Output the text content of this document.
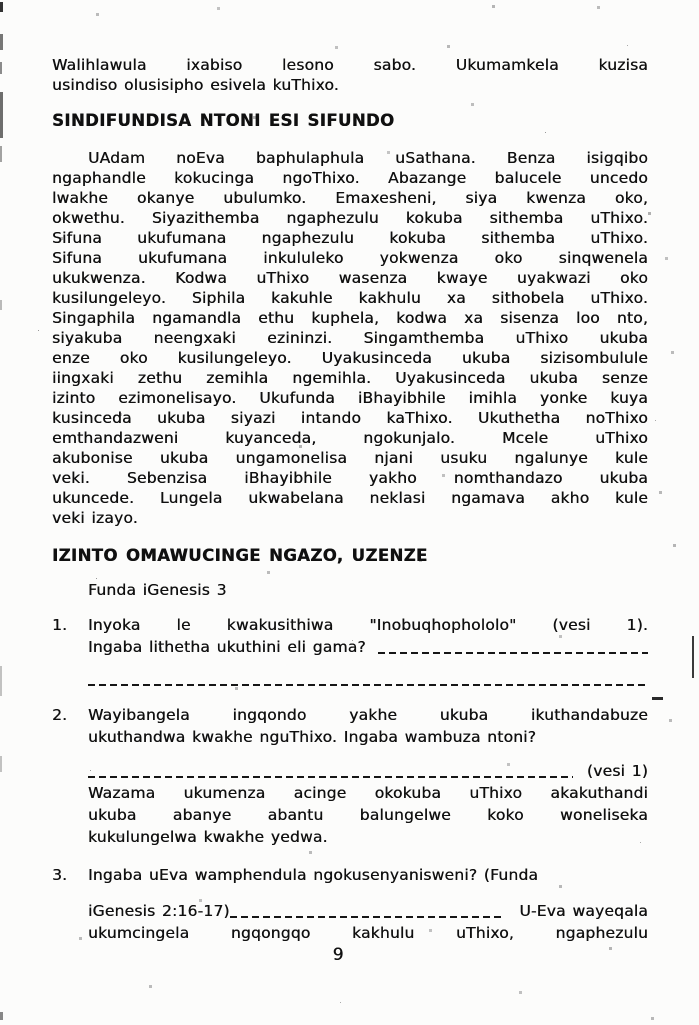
Walihlawula ixabiso lesono sabo. Ukumamkela kuzisa
usindiso olusisipho esivela kuThixo.
SINDIFUNDISA NTONI ESI SIFUNDO
UAdam noEva baphulaphula uSathana. Benza isigqibo
ngaphandle kokucinga ngoThixo. Abazange balucele uncedo
lwakhe okanye ubulumko. Emaxesheni, siya kwenza oko,
okwethu. Siyazithemba ngaphezulu kokuba sithemba uThixo.
Sifuna ukufumana ngaphezulu kokuba sithemba uThixo.
Sifuna ukufumana inkululeko yokwenza oko sinqwenela
ukukwenza. Kodwa uThixo wasenza kwaye uyakwazi oko
kusilungeleyo. Siphila kakuhle kakhulu xa sithobela uThixo.
Singaphila ngamandla ethu kuphela, kodwa xa sisenza loo nto,
siyakuba neengxaki ezininzi. Singamthemba uThixo ukuba
enze oko kusilungeleyo. Uyakusinceda ukuba sizisombulule
iingxaki zethu zemihla ngemihla. Uyakusinceda ukuba senze
izinto ezimonelisayo. Ukufunda iBhayibhile imihla yonke kuya
kusinceda ukuba siyazi intando kaThixo. Ukuthetha noThixo
emthandazweni kuyanceda, ngokunjalo. Mcele uThixo
akubonise ukuba ungamonelisa njani usuku ngalunye kule
veki. Sebenzisa iBhayibhile yakho nomthandazo ukuba
ukuncede. Lungela ukwabelana neklasi ngamava akho kule
veki izayo.
IZINTO OMAWUCINGE NGAZO, UZENZE
Funda iGenesis 3
1.	Inyoka le kwakusithiwa "Inobuqhophololo" (vesi 1).
Ingaba lithetha ukuthini eli gama?
2.	Wayibangela ingqondo yakhe ukuba ikuthandabuze
ukuthandwa kwakhe nguThixo. Ingaba wambuza ntoni?
(vesi 1)
Wazama ukumenza acinge okokuba uThixo akakuthandi
ukuba abanye abantu balungelwe koko woneliseka
kukulungelwa kwakhe yedwa.
3.	Ingaba uEva wamphendula ngokusenyanisweni? (Funda
iGenesis 2:16-17)	U-Eva wayeqala
ukumcingela ngqongqo kakhulu uThixo, ngaphezulu
9
